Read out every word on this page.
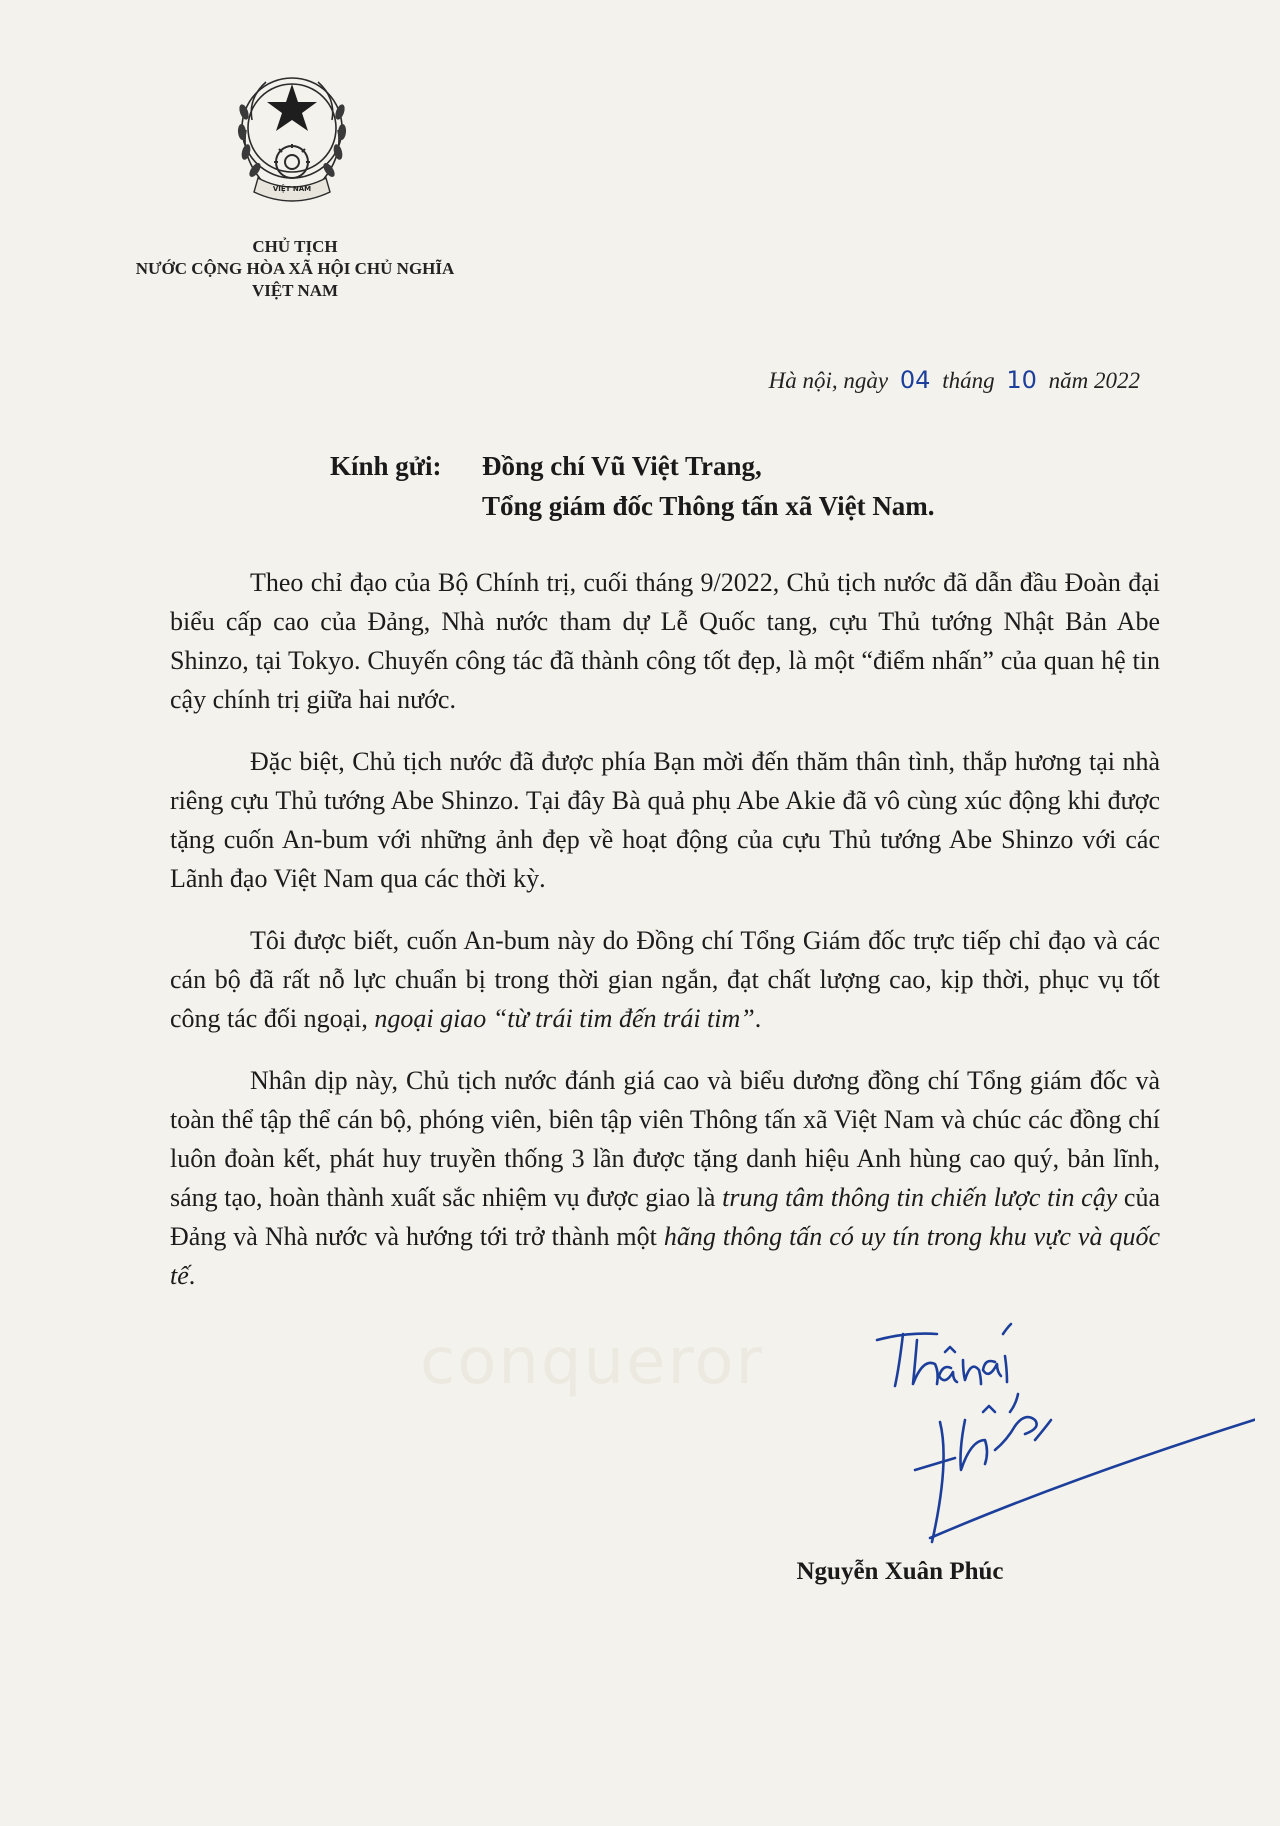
VIỆT NAM
CHỦ TỊCH
NƯỚC CỘNG HÒA XÃ HỘI CHỦ NGHĨA
VIỆT NAM
Hà nội, ngày 04 tháng 10 năm 2022
Kính gửi: Đồng chí Vũ Việt Trang,
Tổng giám đốc Thông tấn xã Việt Nam.

Theo chỉ đạo của Bộ Chính trị, cuối tháng 9/2022, Chủ tịch nước đã dẫn đầu Đoàn đại biểu cấp cao của Đảng, Nhà nước tham dự Lễ Quốc tang, cựu Thủ tướng Nhật Bản Abe Shinzo, tại Tokyo. Chuyến công tác đã thành công tốt đẹp, là một “điểm nhấn” của quan hệ tin cậy chính trị giữa hai nước.

Đặc biệt, Chủ tịch nước đã được phía Bạn mời đến thăm thân tình, thắp hương tại nhà riêng cựu Thủ tướng Abe Shinzo. Tại đây Bà quả phụ Abe Akie đã vô cùng xúc động khi được tặng cuốn An-bum với những ảnh đẹp về hoạt động của cựu Thủ tướng Abe Shinzo với các Lãnh đạo Việt Nam qua các thời kỳ.

Tôi được biết, cuốn An-bum này do Đồng chí Tổng Giám đốc trực tiếp chỉ đạo và các cán bộ đã rất nỗ lực chuẩn bị trong thời gian ngắn, đạt chất lượng cao, kịp thời, phục vụ tốt công tác đối ngoại, ngoại giao “từ trái tim đến trái tim”.

Nhân dịp này, Chủ tịch nước đánh giá cao và biểu dương đồng chí Tổng giám đốc và toàn thể tập thể cán bộ, phóng viên, biên tập viên Thông tấn xã Việt Nam và chúc các đồng chí luôn đoàn kết, phát huy truyền thống 3 lần được tặng danh hiệu Anh hùng cao quý, bản lĩnh, sáng tạo, hoàn thành xuất sắc nhiệm vụ được giao là trung tâm thông tin chiến lược tin cậy của Đảng và Nhà nước và hướng tới trở thành một hãng thông tấn có uy tín trong khu vực và quốc tế.

conqueror
Nguyễn Xuân Phúc
